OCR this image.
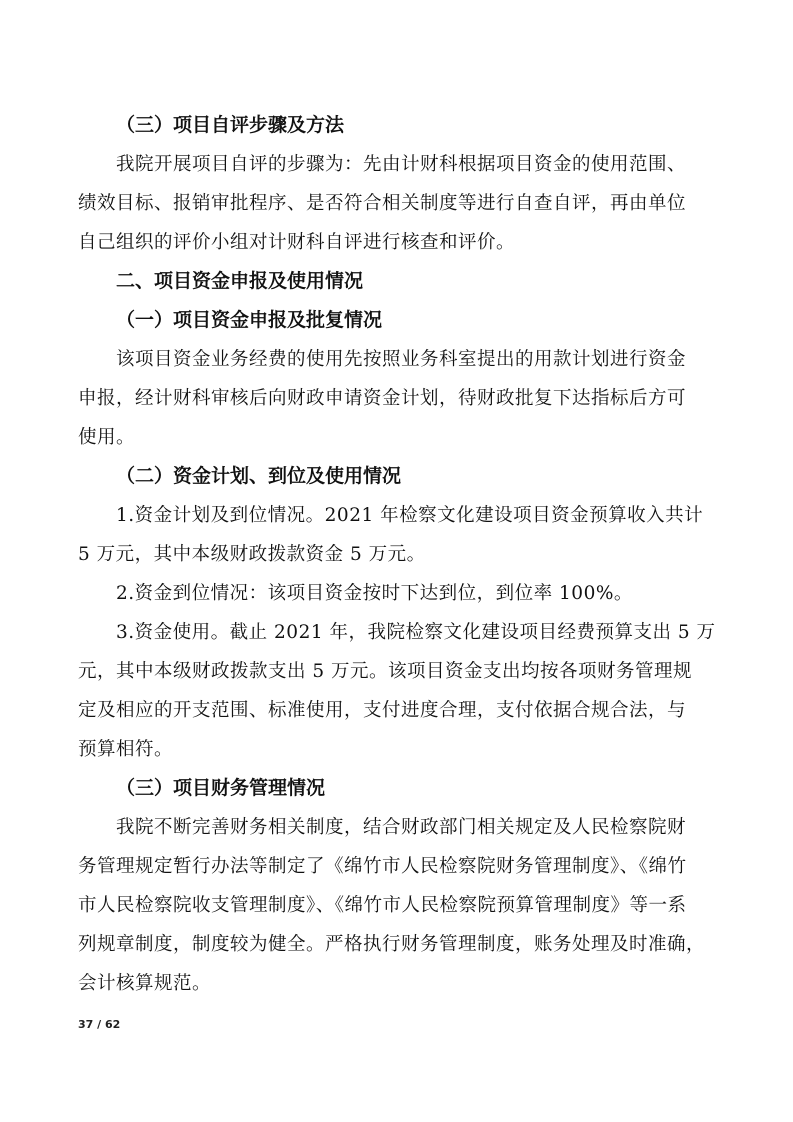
（三）项目自评步骤及方法
我院开展项目自评的步骤为：先由计财科根据项目资金的使用范围、
绩效目标、报销审批程序、是否符合相关制度等进行自查自评，再由单位
自己组织的评价小组对计财科自评进行核查和评价。
二、项目资金申报及使用情况
（一）项目资金申报及批复情况
该项目资金业务经费的使用先按照业务科室提出的用款计划进行资金
申报，经计财科审核后向财政申请资金计划，待财政批复下达指标后方可
使用。
（二）资金计划、到位及使用情况
1.资金计划及到位情况。2021 年检察文化建设项目资金预算收入共计
5 万元，其中本级财政拨款资金 5 万元。
2.资金到位情况：该项目资金按时下达到位，到位率 100%。
3.资金使用。截止 2021 年，我院检察文化建设项目经费预算支出 5 万
元，其中本级财政拨款支出 5 万元。该项目资金支出均按各项财务管理规
定及相应的开支范围、标准使用，支付进度合理，支付依据合规合法，与
预算相符。
（三）项目财务管理情况
我院不断完善财务相关制度，结合财政部门相关规定及人民检察院财
务管理规定暂行办法等制定了《绵竹市人民检察院财务管理制度》、《绵竹
市人民检察院收支管理制度》、《绵竹市人民检察院预算管理制度》等一系
列规章制度，制度较为健全。严格执行财务管理制度，账务处理及时准确，
会计核算规范。
37 / 62
